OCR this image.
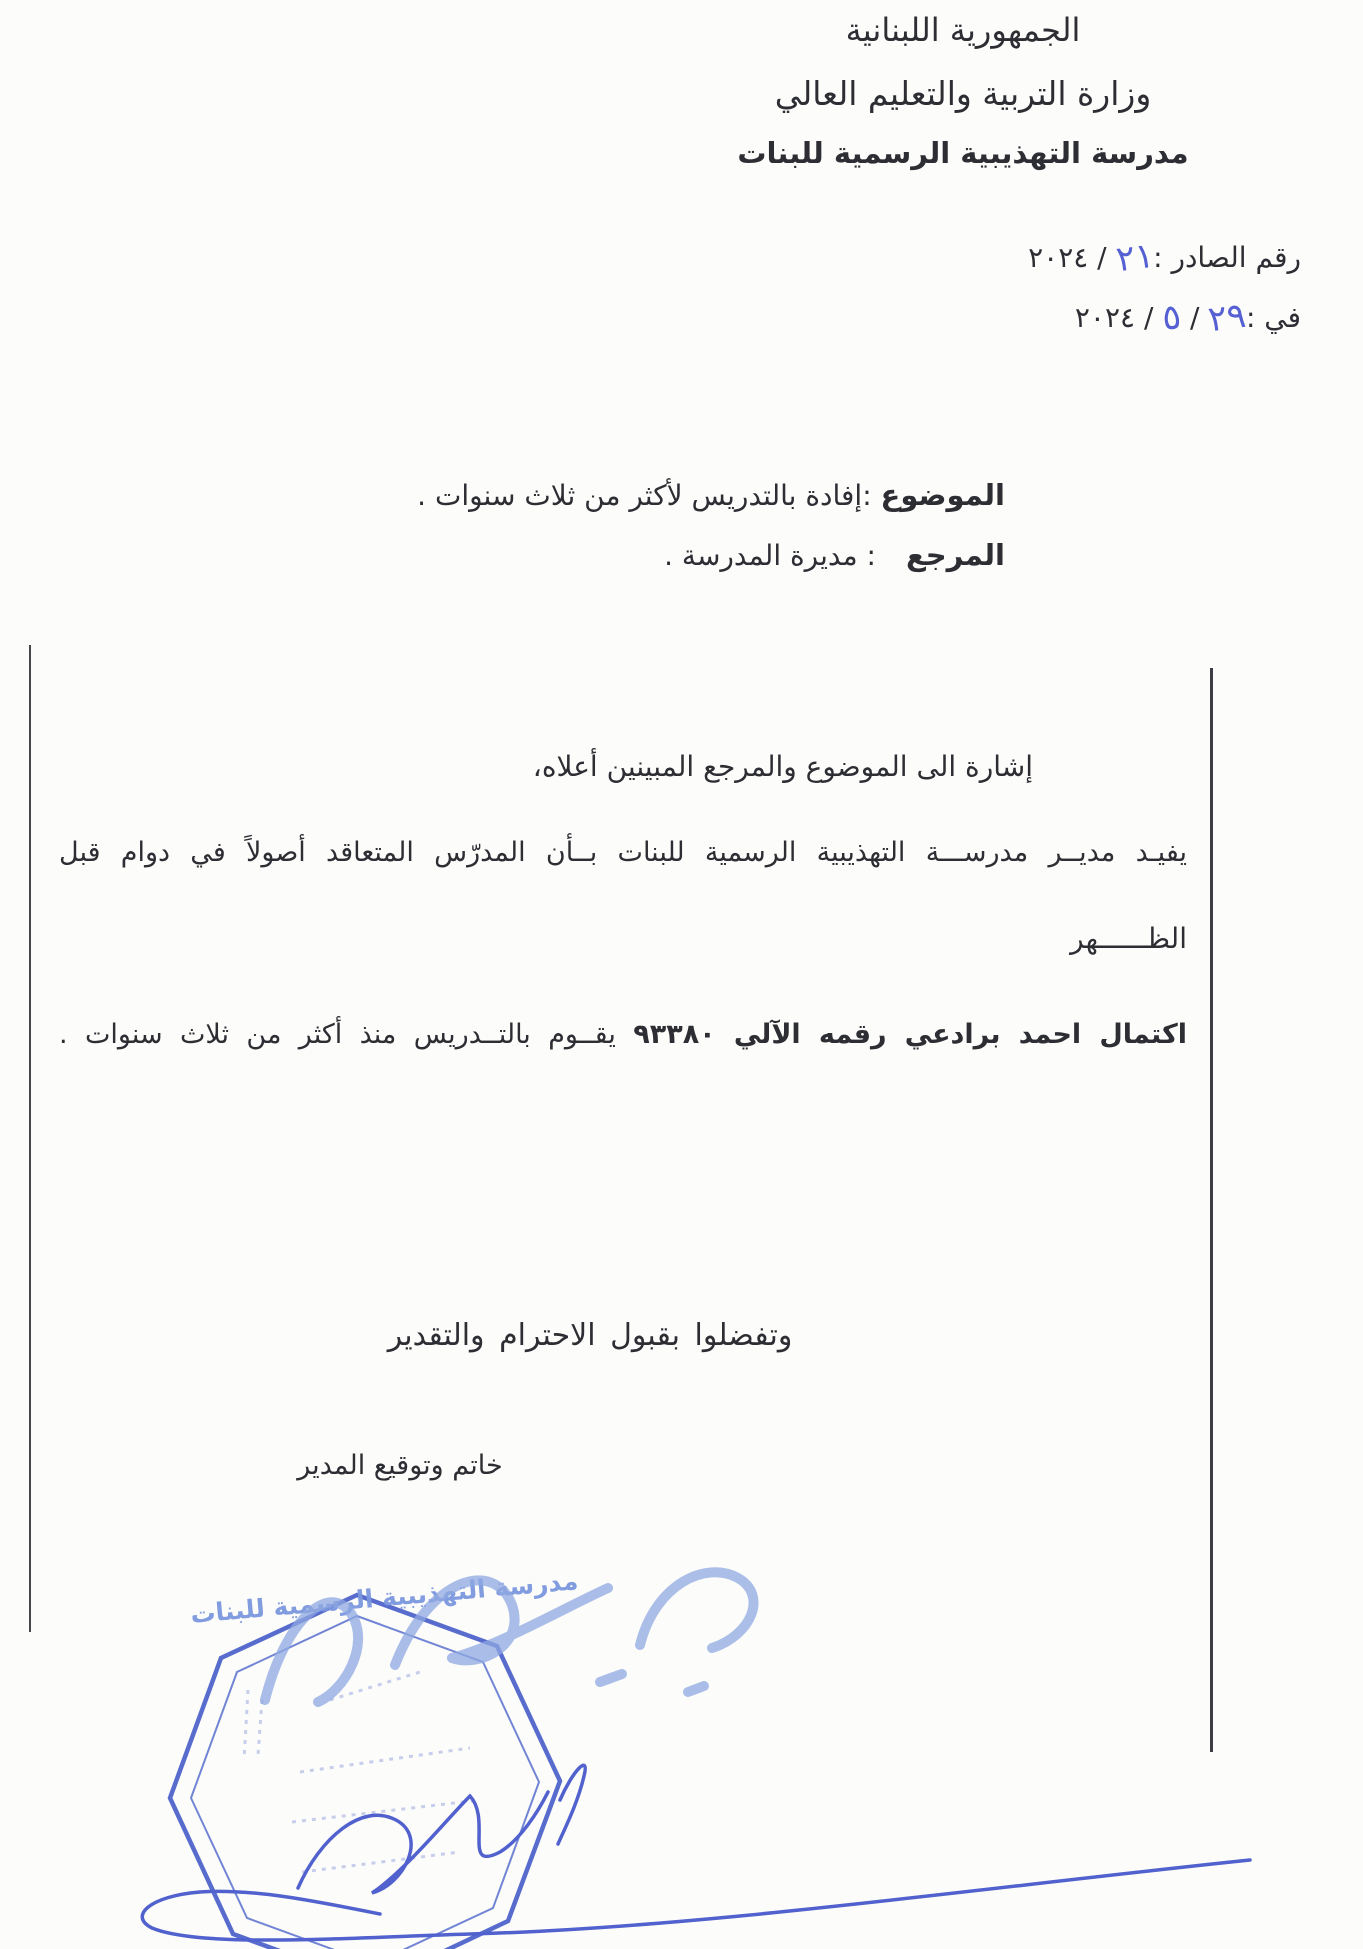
الجمهورية اللبنانية
وزارة التربية والتعليم العالي
مدرسة التهذيبية الرسمية للبنات
رقم الصادر :٢١ / ٢٠٢٤
في :٢٩ / ٥ / ٢٠٢٤
الموضوع :إفادة بالتدريس لأكثر من ثلاث سنوات .
المرجع: مديرة المدرسة .
إشارة الى الموضوع والمرجع المبينين أعلاه،
يفيـد مديــر مدرســـة التهذيبية الرسمية للبنات بــأن المدرّس المتعاقد أصولاً في دوام قبل
الظــــــهر
اكتمال احمد برادعي رقمه الآلي ٩٣٣٨٠ يقــوم بالتــدريس منذ أكثر من ثلاث سنوات .
وتفضلوا بقبول الاحترام والتقدير
خاتم وتوقيع المدير
مدرسة التهذيبية الرسمية للبنات
